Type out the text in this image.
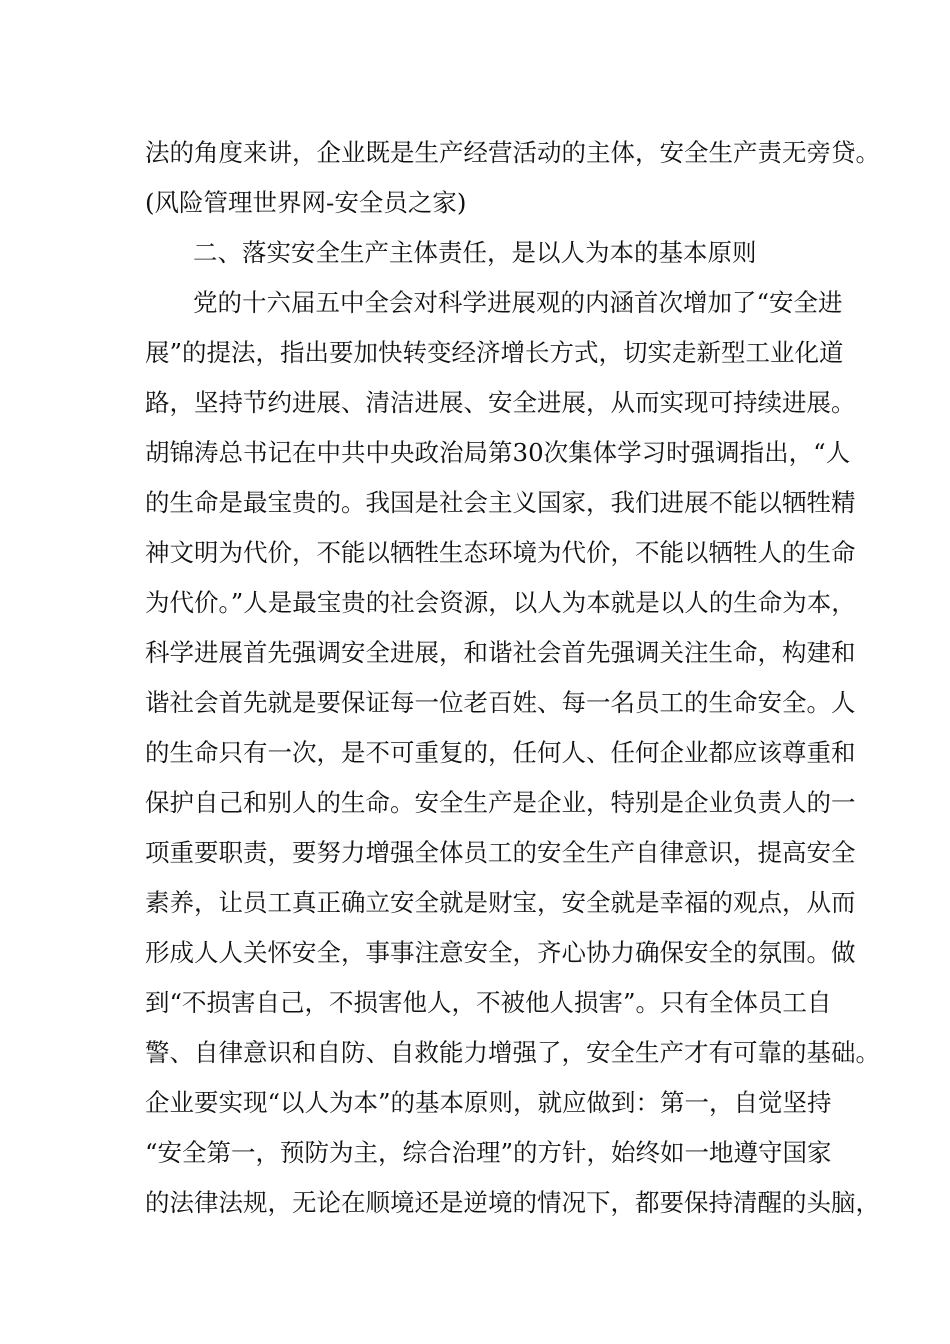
法的角度来讲，企业既是生产经营活动的主体，安全生产责无旁贷。
(风险管理世界网-安全员之家)
二、落实安全生产主体责任，是以人为本的基本原则
党的十六届五中全会对科学进展观的内涵首次增加了“安全进
展”的提法，指出要加快转变经济增长方式，切实走新型工业化道
路，坚持节约进展、清洁进展、安全进展，从而实现可持续进展。
胡锦涛总书记在中共中央政治局第30次集体学习时强调指出，“人
的生命是最宝贵的。我国是社会主义国家，我们进展不能以牺牲精
神文明为代价，不能以牺牲生态环境为代价，不能以牺牲人的生命
为代价。”人是最宝贵的社会资源，以人为本就是以人的生命为本，
科学进展首先强调安全进展，和谐社会首先强调关注生命，构建和
谐社会首先就是要保证每一位老百姓、每一名员工的生命安全。人
的生命只有一次，是不可重复的，任何人、任何企业都应该尊重和
保护自己和别人的生命。安全生产是企业，特别是企业负责人的一
项重要职责，要努力增强全体员工的安全生产自律意识，提高安全
素养，让员工真正确立安全就是财宝，安全就是幸福的观点，从而
形成人人关怀安全，事事注意安全，齐心协力确保安全的氛围。做
到“不损害自己，不损害他人，不被他人损害”。只有全体员工自
警、自律意识和自防、自救能力增强了，安全生产才有可靠的基础。
企业要实现“以人为本”的基本原则，就应做到：第一，自觉坚持
“安全第一，预防为主，综合治理”的方针，始终如一地遵守国家
的法律法规，无论在顺境还是逆境的情况下，都要保持清醒的头脑，
